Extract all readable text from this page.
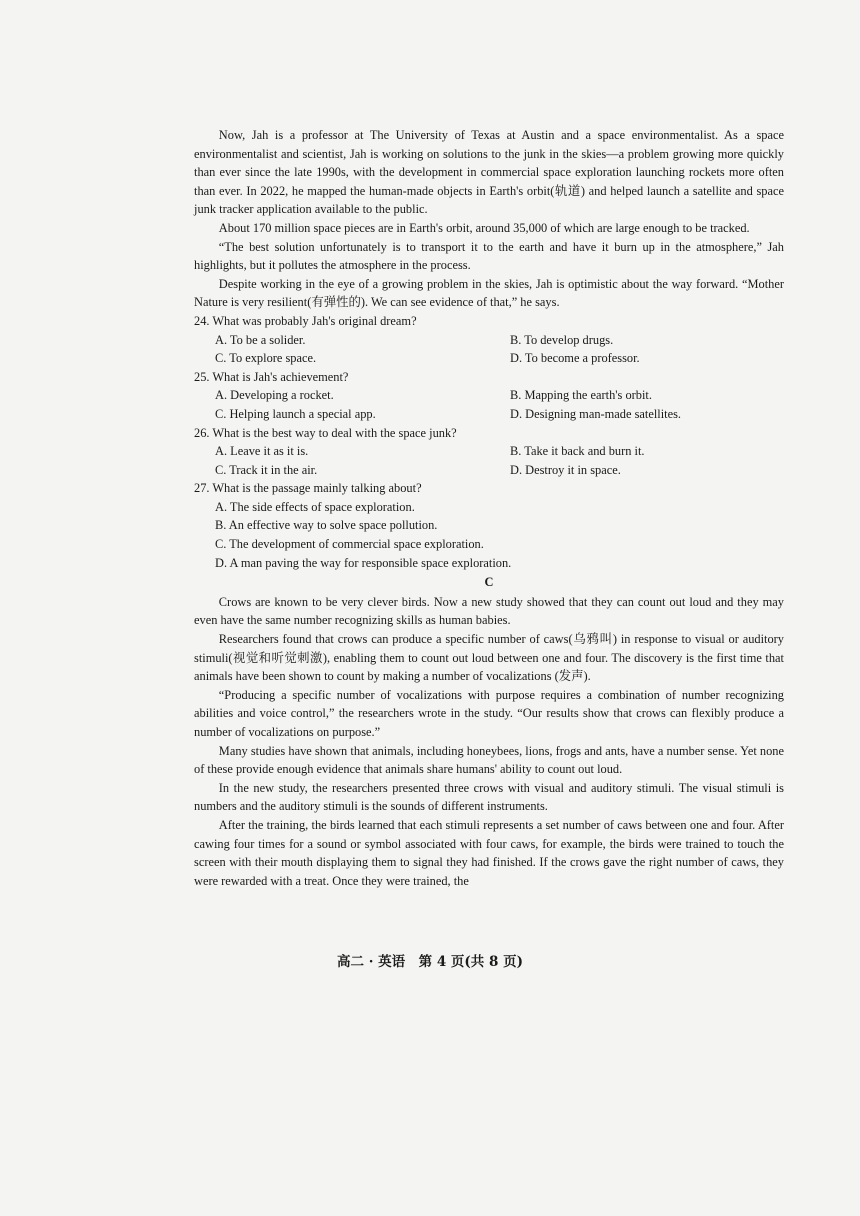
Now, Jah is a professor at The University of Texas at Austin and a space environmentalist. As a space environmentalist and scientist, Jah is working on solutions to the junk in the skies—a problem growing more quickly than ever since the late 1990s, with the development in commercial space exploration launching rockets more often than ever. In 2022, he mapped the human-made objects in Earth's orbit(轨道) and helped launch a satellite and space junk tracker application available to the public.

About 170 million space pieces are in Earth's orbit, around 35,000 of which are large enough to be tracked.

“The best solution unfortunately is to transport it to the earth and have it burn up in the atmosphere,” Jah highlights, but it pollutes the atmosphere in the process.

Despite working in the eye of a growing problem in the skies, Jah is optimistic about the way forward. “Mother Nature is very resilient(有弹性的). We can see evidence of that,” he says.

24. What was probably Jah's original dream?
A. To be a solider.	B. To develop drugs.
C. To explore space.	D. To become a professor.
25. What is Jah's achievement?
A. Developing a rocket.	B. Mapping the earth's orbit.
C. Helping launch a special app.	D. Designing man-made satellites.
26. What is the best way to deal with the space junk?
A. Leave it as it is.	B. Take it back and burn it.
C. Track it in the air.	D. Destroy it in space.
27. What is the passage mainly talking about?
A. The side effects of space exploration.
B. An effective way to solve space pollution.
C. The development of commercial space exploration.
D. A man paving the way for responsible space exploration.
C

Crows are known to be very clever birds. Now a new study showed that they can count out loud and they may even have the same number recognizing skills as human babies.

Researchers found that crows can produce a specific number of caws(乌鸦叫) in response to visual or auditory stimuli(视觉和听觉刺激), enabling them to count out loud between one and four. The discovery is the first time that animals have been shown to count by making a number of vocalizations (发声).

“Producing a specific number of vocalizations with purpose requires a combination of number recognizing abilities and voice control,” the researchers wrote in the study. “Our results show that crows can flexibly produce a number of vocalizations on purpose.”

Many studies have shown that animals, including honeybees, lions, frogs and ants, have a number sense. Yet none of these provide enough evidence that animals share humans' ability to count out loud.

In the new study, the researchers presented three crows with visual and auditory stimuli. The visual stimuli is numbers and the auditory stimuli is the sounds of different instruments.

After the training, the birds learned that each stimuli represents a set number of caws between one and four. After cawing four times for a sound or symbol associated with four caws, for example, the birds were trained to touch the screen with their mouth displaying them to signal they had finished. If the crows gave the right number of caws, they were rewarded with a treat. Once they were trained, the

高二 · 英语　第 4 页(共 8 页)
